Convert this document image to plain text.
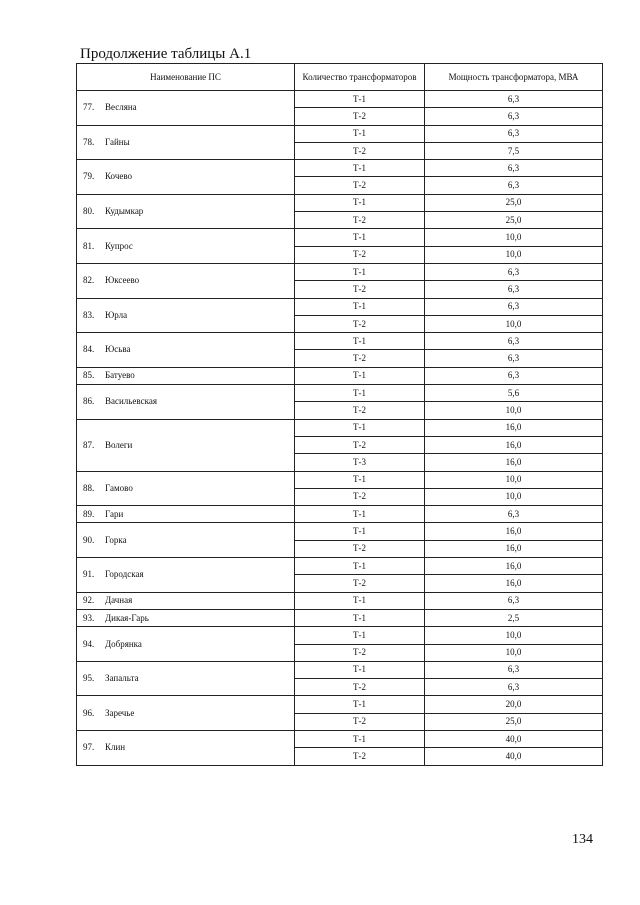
Продолжение таблицы А.1
Наименование ПС	Количество трансформаторов	Мощность трансформатора, МВА
77. Весляна	Т-1	6,3
	Т-2	6,3
78. Гайны	Т-1	6,3
	Т-2	7,5
79. Кочево	Т-1	6,3
	Т-2	6,3
80. Кудымкар	Т-1	25,0
	Т-2	25,0
81. Купрос	Т-1	10,0
	Т-2	10,0
82. Юксеево	Т-1	6,3
	Т-2	6,3
83. Юрла	Т-1	6,3
	Т-2	10,0
84. Юсьва	Т-1	6,3
	Т-2	6,3
85. Батуево	Т-1	6,3
86. Васильевская	Т-1	5,6
	Т-2	10,0
87. Волеги	Т-1	16,0
	Т-2	16,0
	Т-3	16,0
88. Гамово	Т-1	10,0
	Т-2	10,0
89. Гари	Т-1	6,3
90. Горка	Т-1	16,0
	Т-2	16,0
91. Городская	Т-1	16,0
	Т-2	16,0
92. Дачная	Т-1	6,3
93. Дикая-Гарь	Т-1	2,5
94. Добрянка	Т-1	10,0
	Т-2	10,0
95. Запальта	Т-1	6,3
	Т-2	6,3
96. Заречье	Т-1	20,0
	Т-2	25,0
97. Клин	Т-1	40,0
	Т-2	40,0
134
